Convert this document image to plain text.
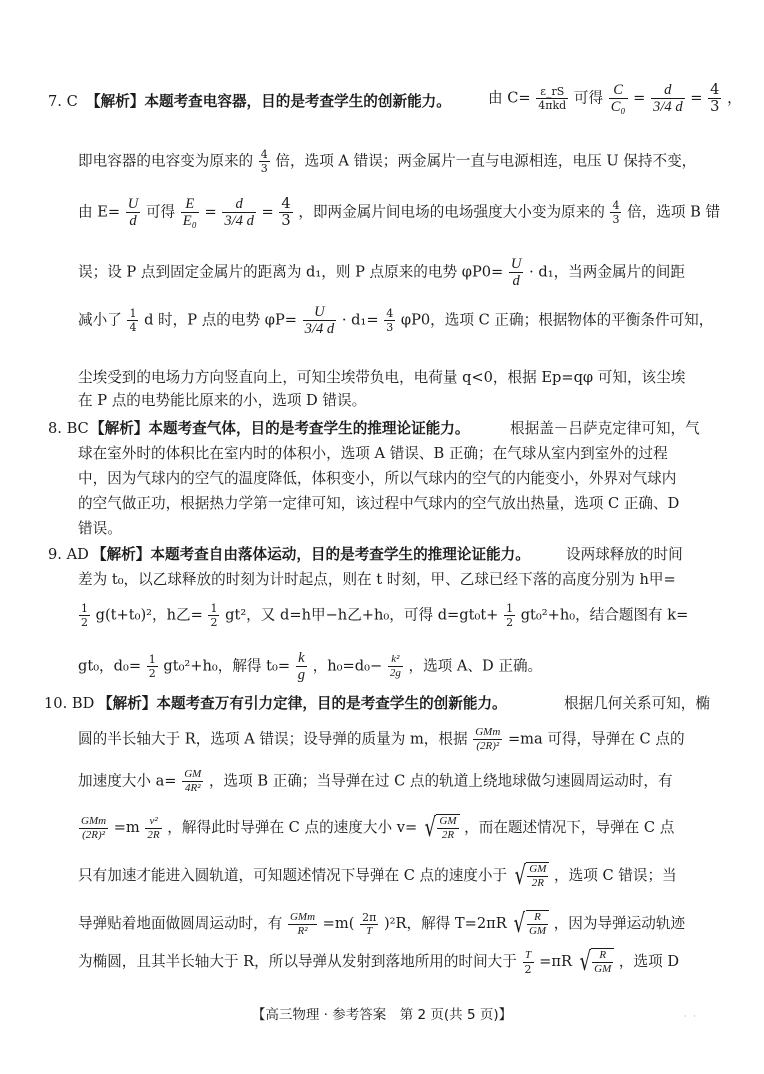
7. C 【解析】本题考查电容器，目的是考查学生的创新能力。	由 $C= \frac{\varepsilon\_rS}{\text{4πkd}}$ 可得 $\frac{C}{\text{C₀}} = \frac{d}{3/4 d} = \frac{4}{3}$ ，
即电容器的电容变为原来的 $\frac{4}{3}$ 倍，选项 A 错误；两金属片一直与电源相连，电压 U 保持不变，
由 $E= \frac{U}{d}$ 可得 $\frac{E}{\text{E₀}} = \frac{d}{3/4 d} = \frac{4}{3}$ ，即两金属片间电场的电场强度大小变为原来的 $\frac{4}{3}$ 倍，选项 B 错
误；设 P 点到固定金属片的距离为 d₁，则 P 点原来的电势 $\varphi P0= \frac{U}{d} \cdot d_1$，当两金属片的间距
减小了 $\frac{1}{4}$ d 时，P 点的电势 $\varphi P= \frac{U}{3/4 d} \cdot d_1= \frac{4}{3} \varphi P0$，选项 C 正确；根据物体的平衡条件可知，
尘埃受到的电场力方向竖直向上，可知尘埃带负电，电荷量 q<0，根据 Ep=qφ 可知，该尘埃
在 P 点的电势能比原来的小，选项 D 错误。
8. BC 【解析】本题考查气体，目的是考查学生的推理论证能力。	根据盖－吕萨克定律可知，气
球在室外时的体积比在室内时的体积小，选项 A 错误、B 正确；在气球从室内到室外的过程
中，因为气球内的空气的温度降低，体积变小，所以气球内的空气的内能变小，外界对气球内
的空气做正功，根据热力学第一定律可知，该过程中气球内的空气放出热量，选项 C 正确、D
错误。
9. AD 【解析】本题考查自由落体运动，目的是考查学生的推理论证能力。 设两球释放的时间
差为 t₀，以乙球释放的时刻为计时起点，则在 t 时刻，甲、乙球已经下落的高度分别为 h甲=
$\frac{1}{2} g(t+t_0)^2$，h乙= $\frac{1}{2} gt^2$，又 d=h甲−h乙+h₀，可得 $d=gt_0t+ \frac{1}{2} gt_0^2+h_0$，结合题图有 k=
gt₀，$d_0= \frac{1}{2} gt_0^2+h_0$，解得 $t_0= \frac{k}{g}$ ，$h_0=d_0- \frac{\text{k²}}{2g}$ ，选项 A、D 正确。
10. BD 【解析】本题考查万有引力定律，目的是考查学生的创新能力。	根据几何关系可知，椭
圆的半长轴大于 R，选项 A 错误；设导弹的质量为 m，根据 $\frac{\text{GMm}}{\text{(2R)²}} =ma$ 可得，导弹在 C 点的
加速度大小 $a= \frac{GM}{\text{4R²}}$ ，选项 B 正确；当导弹在过 C 点的轨道上绕地球做匀速圆周运动时，有
$\frac{\text{GMm}}{\text{(2R)²}} =m \frac{\text{v²}}{2R}$ ，解得此时导弹在 C 点的速度大小 v= √ $\frac{GM}{2R}$ ，而在题述情况下，导弹在 C 点
只有加速才能进入圆轨道，可知题述情况下导弹在 C 点的速度小于 √ $\frac{GM}{2R}$ ，选项 C 错误；当
导弹贴着地面做圆周运动时，有 $\frac{\text{GMm}}{\text{R²}} =m( \frac{2\pi}{T} )^2R$，解得 T=2πR √ $\frac{R}{GM}$ ，因为导弹运动轨迹
为椭圆，且其半长轴大于 R，所以导弹从发射到落地所用的时间大于 $\frac{T}{2} =\pi R$ √ $\frac{R}{GM}$ ，选项 D
【高三物理 · 参考答案　第 2 页(共 5 页)】	· ·
